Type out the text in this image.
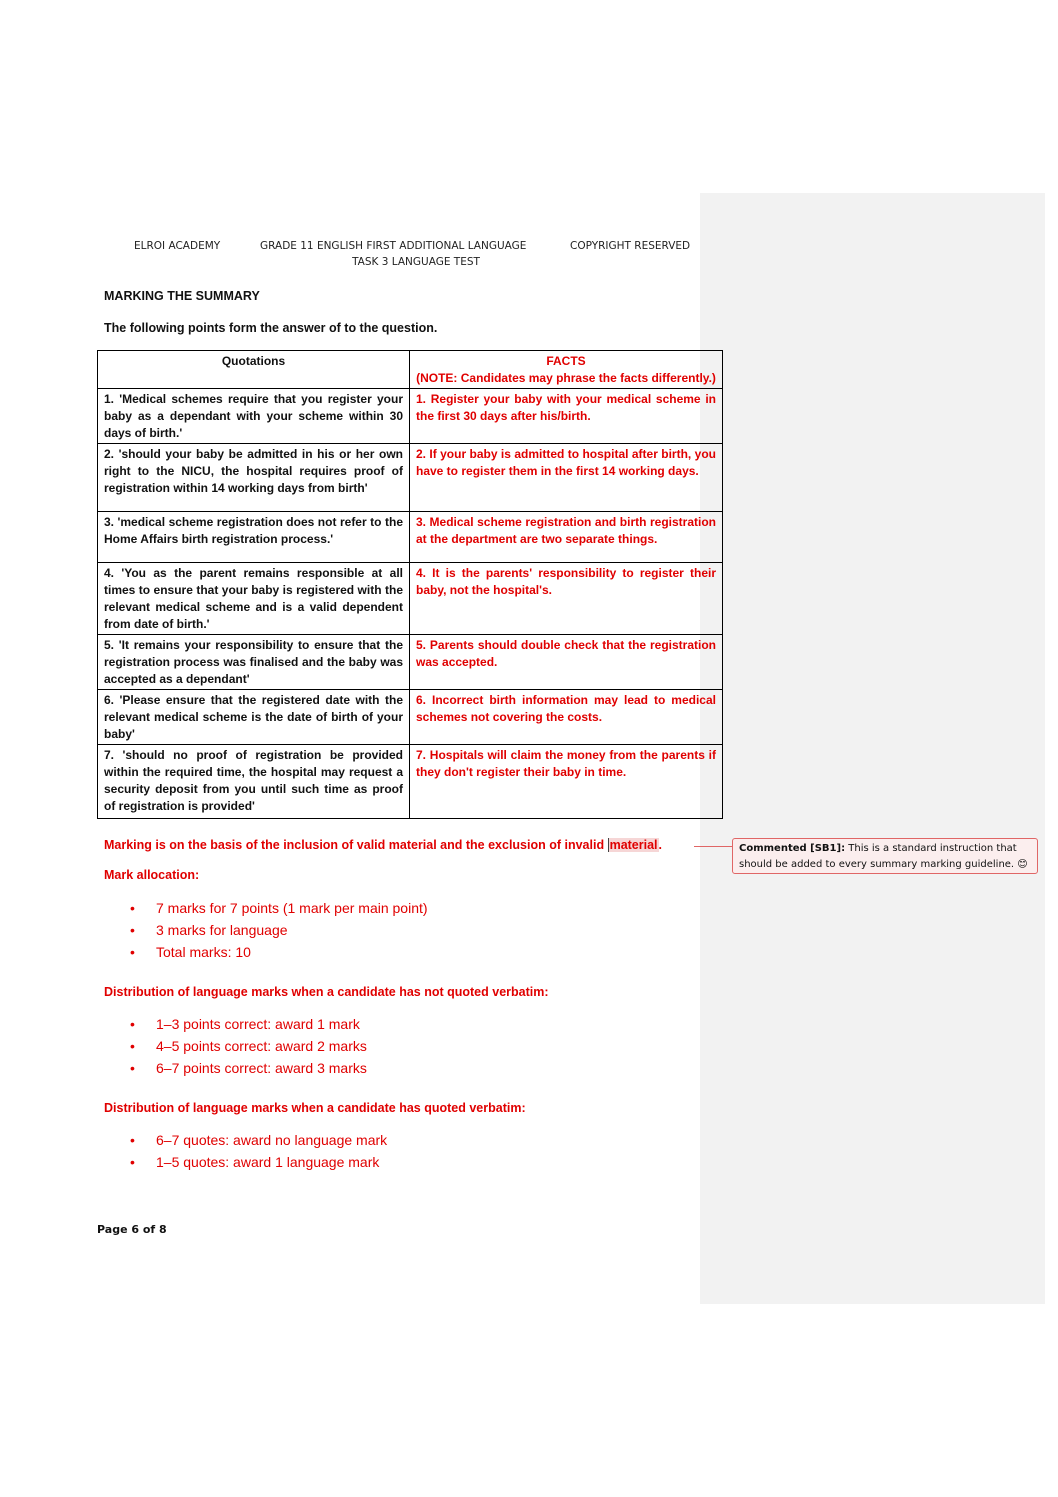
ELROI ACADEMY	GRADE 11 ENGLISH FIRST ADDITIONAL LANGUAGE	COPYRIGHT RESERVED
TASK 3 LANGUAGE TEST
MARKING THE SUMMARY
The following points form the answer of to the question.
Quotations	FACTS
(NOTE: Candidates may phrase the facts differently.)

1. 'Medical schemes require that you register your baby as a dependant with your scheme within 30 days of birth.'	1. Register your baby with your medical scheme in the first 30 days after his/birth.
2. 'should your baby be admitted in his or her own right to the NICU, the hospital requires proof of registration within 14 working days from birth'	2. If your baby is admitted to hospital after birth, you have to register them in the first 14 working days.
3. 'medical scheme registration does not refer to the Home Affairs birth registration process.'	3. Medical scheme registration and birth registration at the department are two separate things.
4. 'You as the parent remains responsible at all times to ensure that your baby is registered with the relevant medical scheme and is a valid dependent from date of birth.'	4. It is the parents' responsibility to register their baby, not the hospital's.
5. 'It remains your responsibility to ensure that the registration process was finalised and the baby was accepted as a dependant'	5. Parents should double check that the registration was accepted.
6. 'Please ensure that the registered date with the relevant medical scheme is the date of birth of your baby'	6. Incorrect birth information may lead to medical schemes not covering the costs.
7. 'should no proof of registration be provided within the required time, the hospital may request a security deposit from you until such time as proof of registration is provided'	7. Hospitals will claim the money from the parents if they don't register their baby in time.
Marking is on the basis of the inclusion of valid material and the exclusion of invalid material.
Mark allocation:
• 7 marks for 7 points (1 mark per main point)
• 3 marks for language
• Total marks: 10
Distribution of language marks when a candidate has not quoted verbatim:
• 1–3 points correct: award 1 mark
• 4–5 points correct: award 2 marks
• 6–7 points correct: award 3 marks
Distribution of language marks when a candidate has quoted verbatim:
• 6–7 quotes: award no language mark
• 1–5 quotes: award 1 language mark
Page 6 of 8
Commented [SB1]: This is a standard instruction that should be added to every summary marking guideline. 😊
